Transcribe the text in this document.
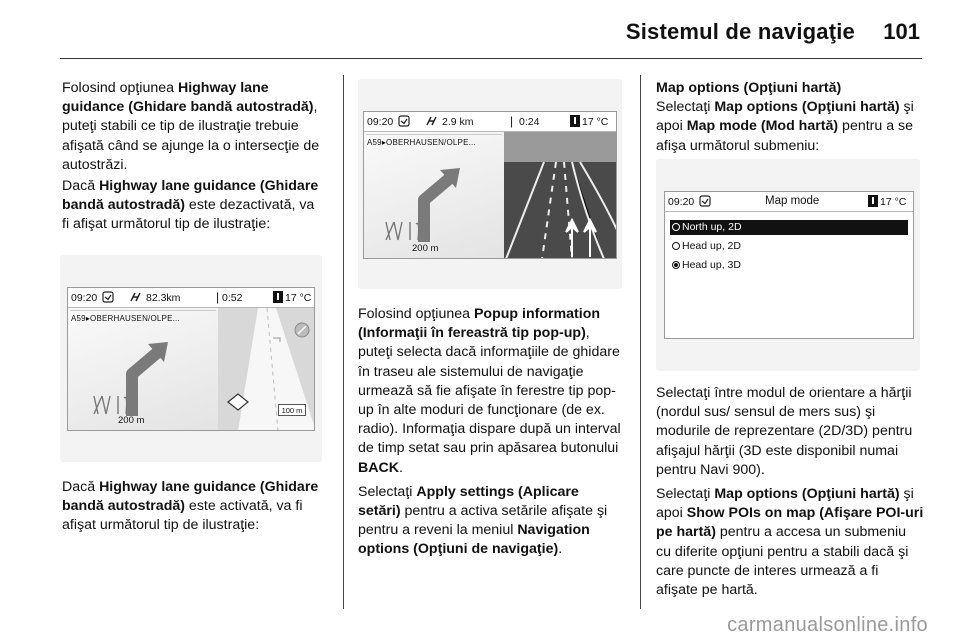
Sistemul de navigaţie 101

Folosind opţiunea Highway lane guidance (Ghidare bandă autostradă), puteţi stabili ce tip de ilustraţie trebuie afişată când se ajunge la o intersecţie de autostrăzi.

Dacă Highway lane guidance (Ghidare bandă autostradă) este dezactivată, va fi afişat următorul tip de ilustraţie:

Dacă Highway lane guidance (Ghidare bandă autostradă) este activată, va fi afişat următorul tip de ilustraţie:

09:20	82.3km	| 0:52	17 °C
100 m
A59▸OBERHAUSEN/OLPE...
200 m
09:20	2.9 km	| 0:24	17 °C
A59▸OBERHAUSEN/OLPE...
200 m

Folosind opţiunea Popup information (Informaţii în fereastră tip pop-up), puteţi selecta dacă informaţiile de ghidare în traseu ale sistemului de navigaţie urmează să fie afişate în ferestre tip pop-up în alte moduri de funcţionare (de ex. radio). Informaţia dispare după un interval de timp setat sau prin apăsarea butonului BACK.

Selectaţi Apply settings (Aplicare setări) pentru a activa setările afişate şi pentru a reveni la meniul Navigation options (Opţiuni de navigaţie).

Map options (Opţiuni hartă)
Selectaţi Map options (Opţiuni hartă) şi apoi Map mode (Mod hartă) pentru a se afişa următorul submeniu:

09:20	Map mode	17 °C
North up, 2D
Head up, 2D
Head up, 3D

Selectaţi între modul de orientare a hărţii (nordul sus/ sensul de mers sus) şi modurile de reprezentare (2D/3D) pentru afişajul hărţii (3D este disponibil numai pentru Navi 900).

Selectaţi Map options (Opţiuni hartă) şi apoi Show POIs on map (Afişare POI-uri pe hartă) pentru a accesa un submeniu cu diferite opţiuni pentru a stabili dacă şi care puncte de interes urmează a fi afişate pe hartă.

carmanualsonline.info
